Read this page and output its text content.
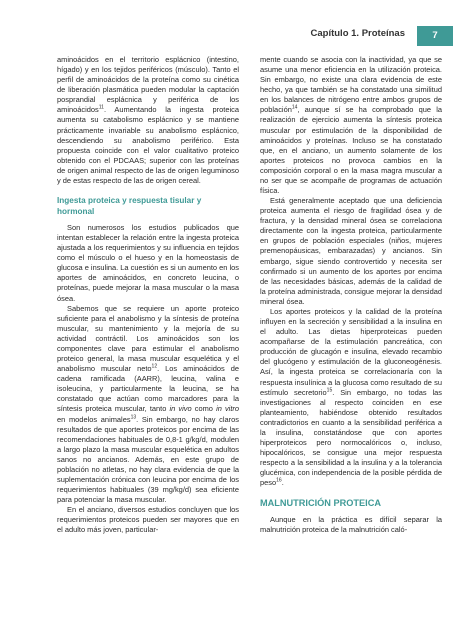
Capítulo 1. Proteínas	7

aminoácidos en el territorio esplácnico (intestino, hígado) y en los tejidos periféricos (músculo). Tanto el perfil de aminoácidos de la proteína como su cinética de liberación plasmática pueden modular la captación posprandial esplácnica y periférica de los aminoácidos$^{11}$. Aumentando la ingesta proteica aumenta su catabolismo esplácnico y se mantiene prácticamente invariable su anabolismo esplácnico, descendiendo su anabolismo periférico. Esta propuesta coincide con el valor cualitativo proteico obtenido con el PDCAAS; superior con las proteínas de origen animal respecto de las de origen leguminoso y de estas respecto de las de origen cereal.

Ingesta proteica y respuesta tisular y hormonal

Son numerosos los estudios publicados que intentan establecer la relación entre la ingesta proteica ajustada a los requerimientos y su influencia en tejidos como el músculo o el hueso y en la homeostasis de glucosa e insulina. La cuestión es si un aumento en los aportes de aminoácidos, en concreto leucina, o proteínas, puede mejorar la masa muscular o la masa ósea.

Sabemos que se requiere un aporte proteico suficiente para el anabolismo y la síntesis de proteína muscular, su mantenimiento y la mejoría de su actividad contráctil. Los aminoácidos son los componentes clave para estimular el anabolismo proteico general, la masa muscular esquelética y el anabolismo muscular neto$^{12}$. Los aminoácidos de cadena ramificada (AARR), leucina, valina e isoleucina, y particularmente la leucina, se ha constatado que actúan como marcadores para la síntesis proteica muscular, tanto in vivo como in vitro en modelos animales$^{13}$. Sin embargo, no hay claros resultados de que aportes proteicos por encima de las recomendaciones habituales de 0,8-1 g/kg/d, modulen a largo plazo la masa muscular esquelética en adultos sanos no ancianos. Además, en este grupo de población no atletas, no hay clara evidencia de que la suplementación crónica con leucina por encima de los requerimientos habituales (39 mg/kg/d) sea eficiente para potenciar la masa muscular.

En el anciano, diversos estudios concluyen que los requerimientos proteicos pueden ser mayores que en el adulto más joven, particular-

mente cuando se asocia con la inactividad, ya que se asume una menor eficiencia en la utilización proteica. Sin embargo, no existe una clara evidencia de este hecho, ya que también se ha constatado una similitud en los balances de nitrógeno entre ambos grupos de población$^{14}$, aunque sí se ha comprobado que la realización de ejercicio aumenta la síntesis proteica muscular por estimulación de la disponibilidad de aminoácidos y proteínas. Incluso se ha constatado que, en el anciano, un aumento solamente de los aportes proteicos no provoca cambios en la composición corporal o en la masa magra muscular a no ser que se acompañe de programas de actuación física.

Está generalmente aceptado que una deficiencia proteica aumenta el riesgo de fragilidad ósea y de fractura, y la densidad mineral ósea se correlaciona directamente con la ingesta proteica, particularmente en grupos de población especiales (niños, mujeres premenopáusicas, embarazadas) y ancianos. Sin embargo, sigue siendo controvertido y necesita ser confirmado si un aumento de los aportes por encima de las necesidades básicas, además de la calidad de la proteína administrada, consigue mejorar la densidad mineral ósea.

Los aportes proteicos y la calidad de la proteína influyen en la secreción y sensibilidad a la insulina en el adulto. Las dietas hiperproteicas pueden acompañarse de la estimulación pancreática, con producción de glucagón e insulina, elevado recambio del glucógeno y estimulación de la gluconeogénesis. Así, la ingesta proteica se correlacionaría con la respuesta insulínica a la glucosa como resultado de su estímulo secretorio$^{15}$. Sin embargo, no todas las investigaciones al respecto coinciden en ese planteamiento, habiéndose obtenido resultados contradictorios en cuanto a la sensibilidad periférica a la insulina, constatándose que con aportes hiperproteicos pero normocalóricos o, incluso, hipocalóricos, se consigue una mejor respuesta respecto a la sensibilidad a la insulina y a la tolerancia glucémica, con independencia de la posible pérdida de peso$^{16}$.

MALNUTRICIÓN PROTEICA

Aunque en la práctica es difícil separar la malnutrición proteica de la malnutrición caló-
